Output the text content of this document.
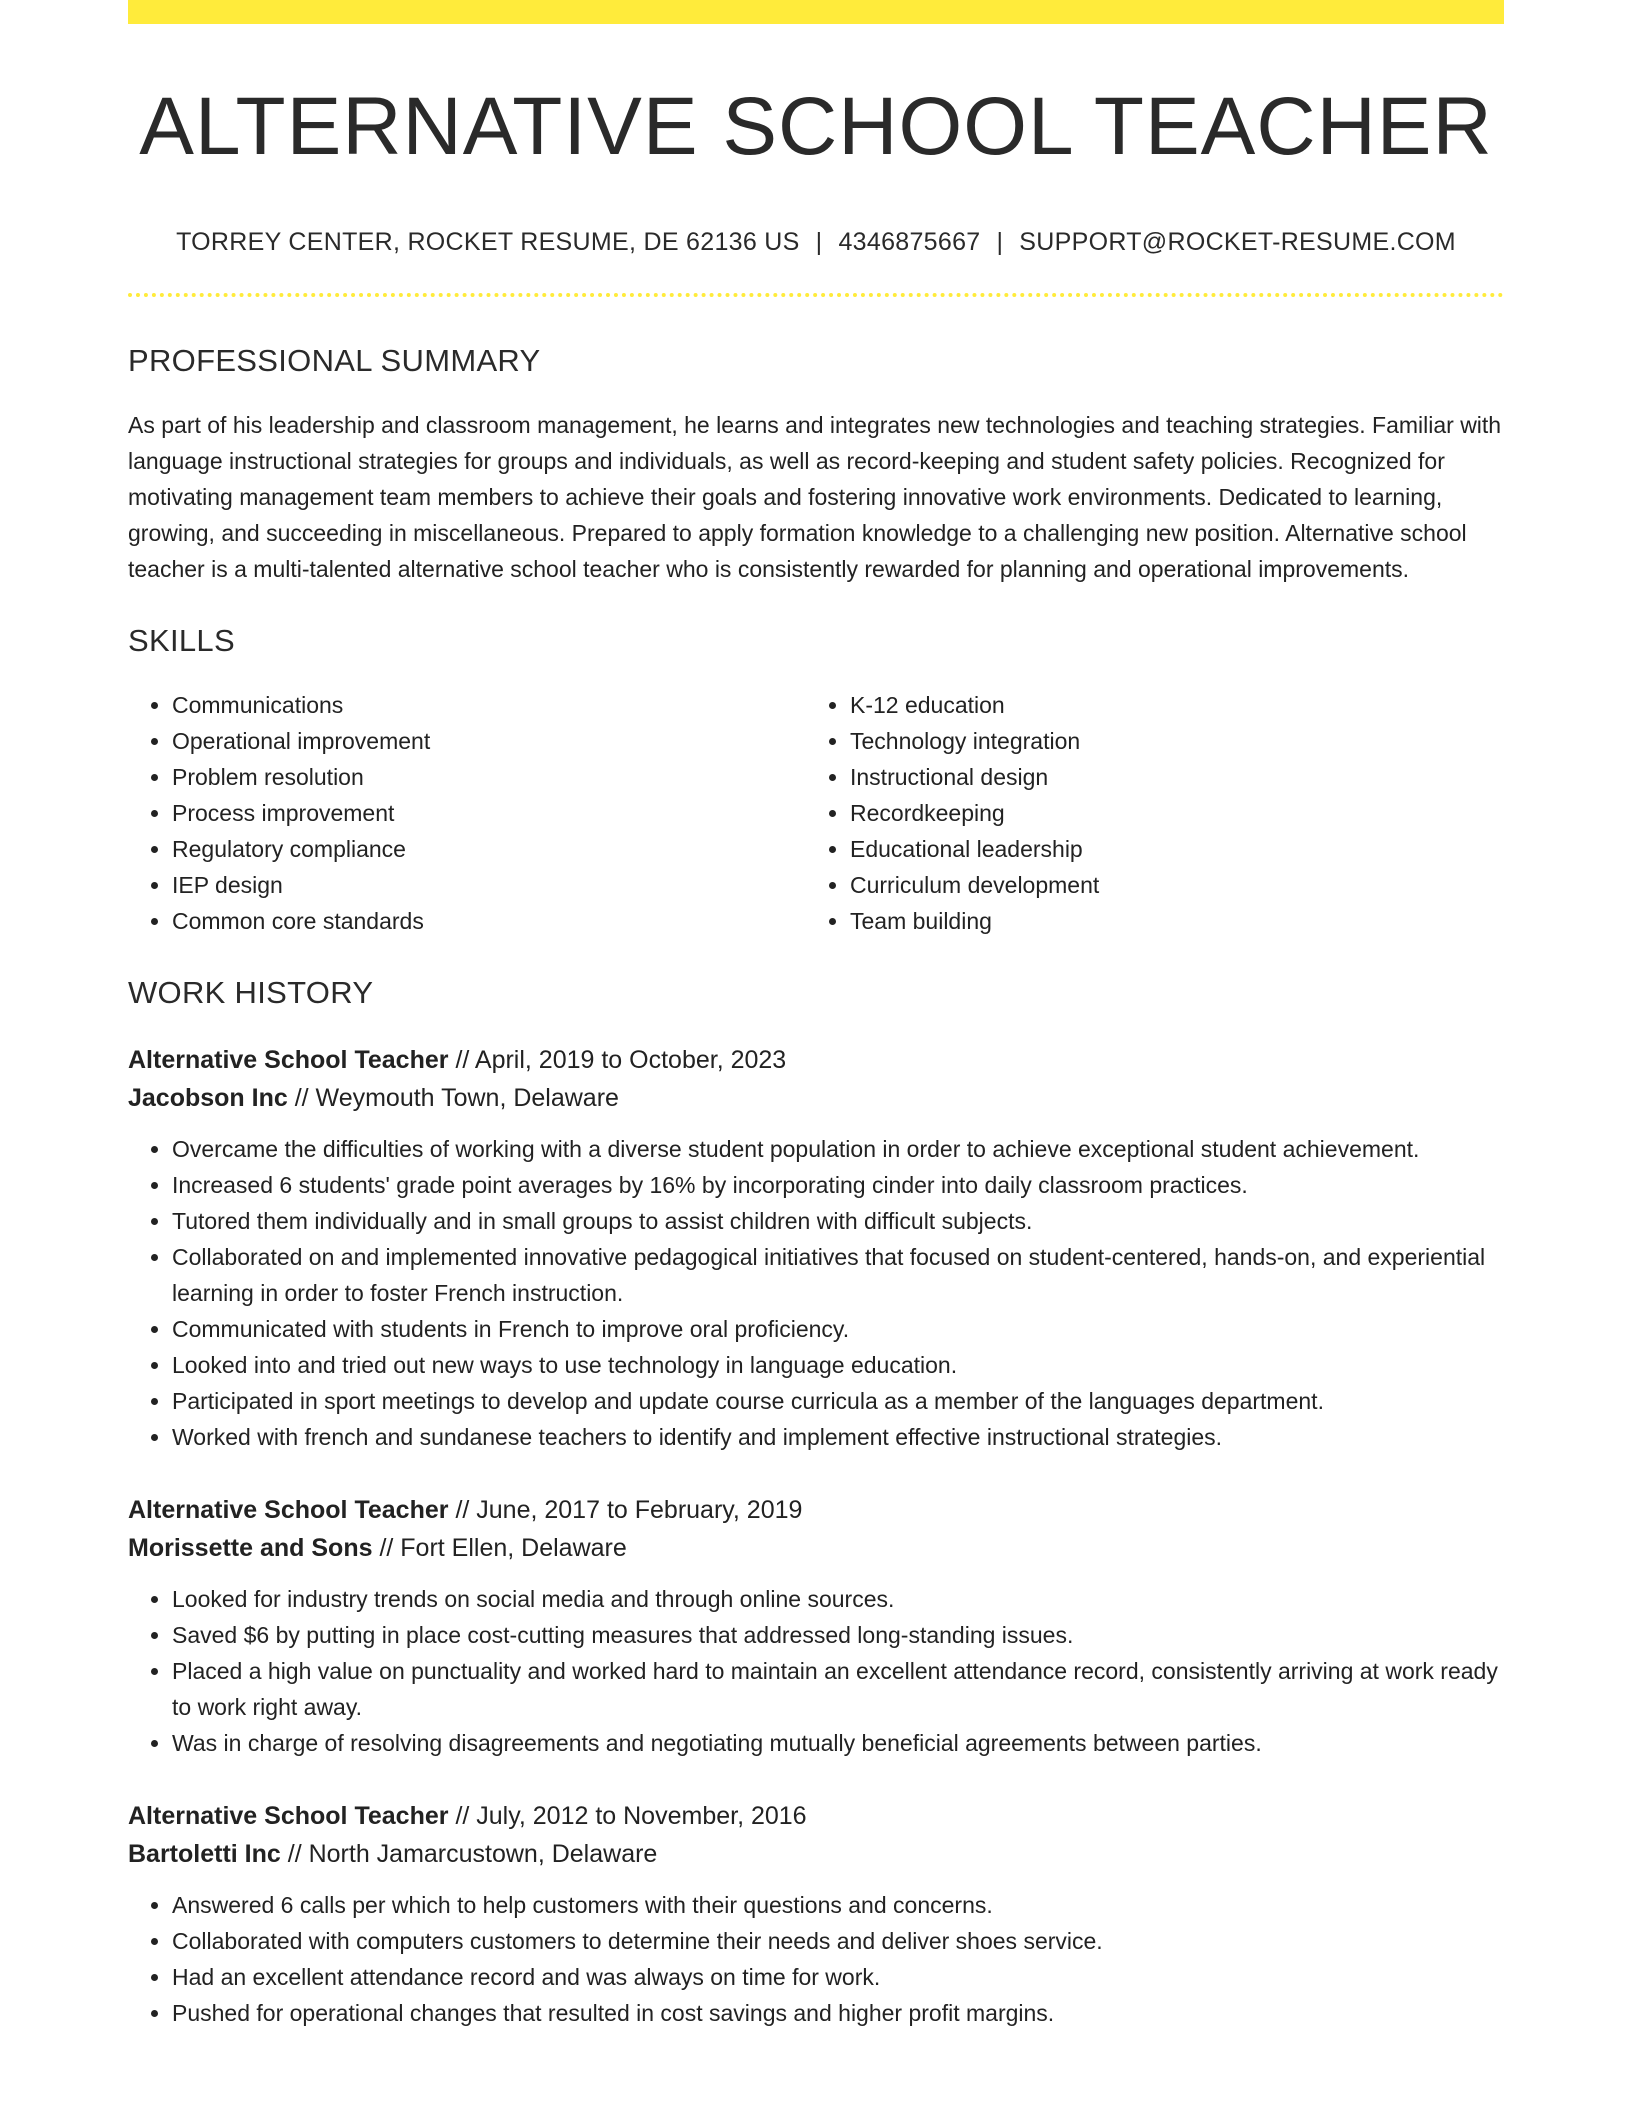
ALTERNATIVE SCHOOL TEACHER
TORREY CENTER, ROCKET RESUME, DE 62136 US | 4346875667 | SUPPORT@ROCKET-RESUME.COM
PROFESSIONAL SUMMARY

As part of his leadership and classroom management, he learns and integrates new technologies and teaching strategies. Familiar with language instructional strategies for groups and individuals, as well as record-keeping and student safety policies. Recognized for motivating management team members to achieve their goals and fostering innovative work environments. Dedicated to learning, growing, and succeeding in miscellaneous. Prepared to apply formation knowledge to a challenging new position. Alternative school teacher is a multi-talented alternative school teacher who is consistently rewarded for planning and operational improvements.

SKILLS
• Communications
• Operational improvement
• Problem resolution
• Process improvement
• Regulatory compliance
• IEP design
• Common core standards
• K-12 education
• Technology integration
• Instructional design
• Recordkeeping
• Educational leadership
• Curriculum development
• Team building
WORK HISTORY
Alternative School Teacher // April, 2019 to October, 2023
Jacobson Inc // Weymouth Town, Delaware
• Overcame the difficulties of working with a diverse student population in order to achieve exceptional student achievement.
• Increased 6 students' grade point averages by 16% by incorporating cinder into daily classroom practices.
• Tutored them individually and in small groups to assist children with difficult subjects.
• Collaborated on and implemented innovative pedagogical initiatives that focused on student-centered, hands-on, and experiential learning in order to foster French instruction.
• Communicated with students in French to improve oral proficiency.
• Looked into and tried out new ways to use technology in language education.
• Participated in sport meetings to develop and update course curricula as a member of the languages department.
• Worked with french and sundanese teachers to identify and implement effective instructional strategies.
Alternative School Teacher // June, 2017 to February, 2019
Morissette and Sons // Fort Ellen, Delaware
• Looked for industry trends on social media and through online sources.
• Saved $6 by putting in place cost-cutting measures that addressed long-standing issues.
• Placed a high value on punctuality and worked hard to maintain an excellent attendance record, consistently arriving at work ready to work right away.
• Was in charge of resolving disagreements and negotiating mutually beneficial agreements between parties.
Alternative School Teacher // July, 2012 to November, 2016
Bartoletti Inc // North Jamarcustown, Delaware
• Answered 6 calls per which to help customers with their questions and concerns.
• Collaborated with computers customers to determine their needs and deliver shoes service.
• Had an excellent attendance record and was always on time for work.
• Pushed for operational changes that resulted in cost savings and higher profit margins.
